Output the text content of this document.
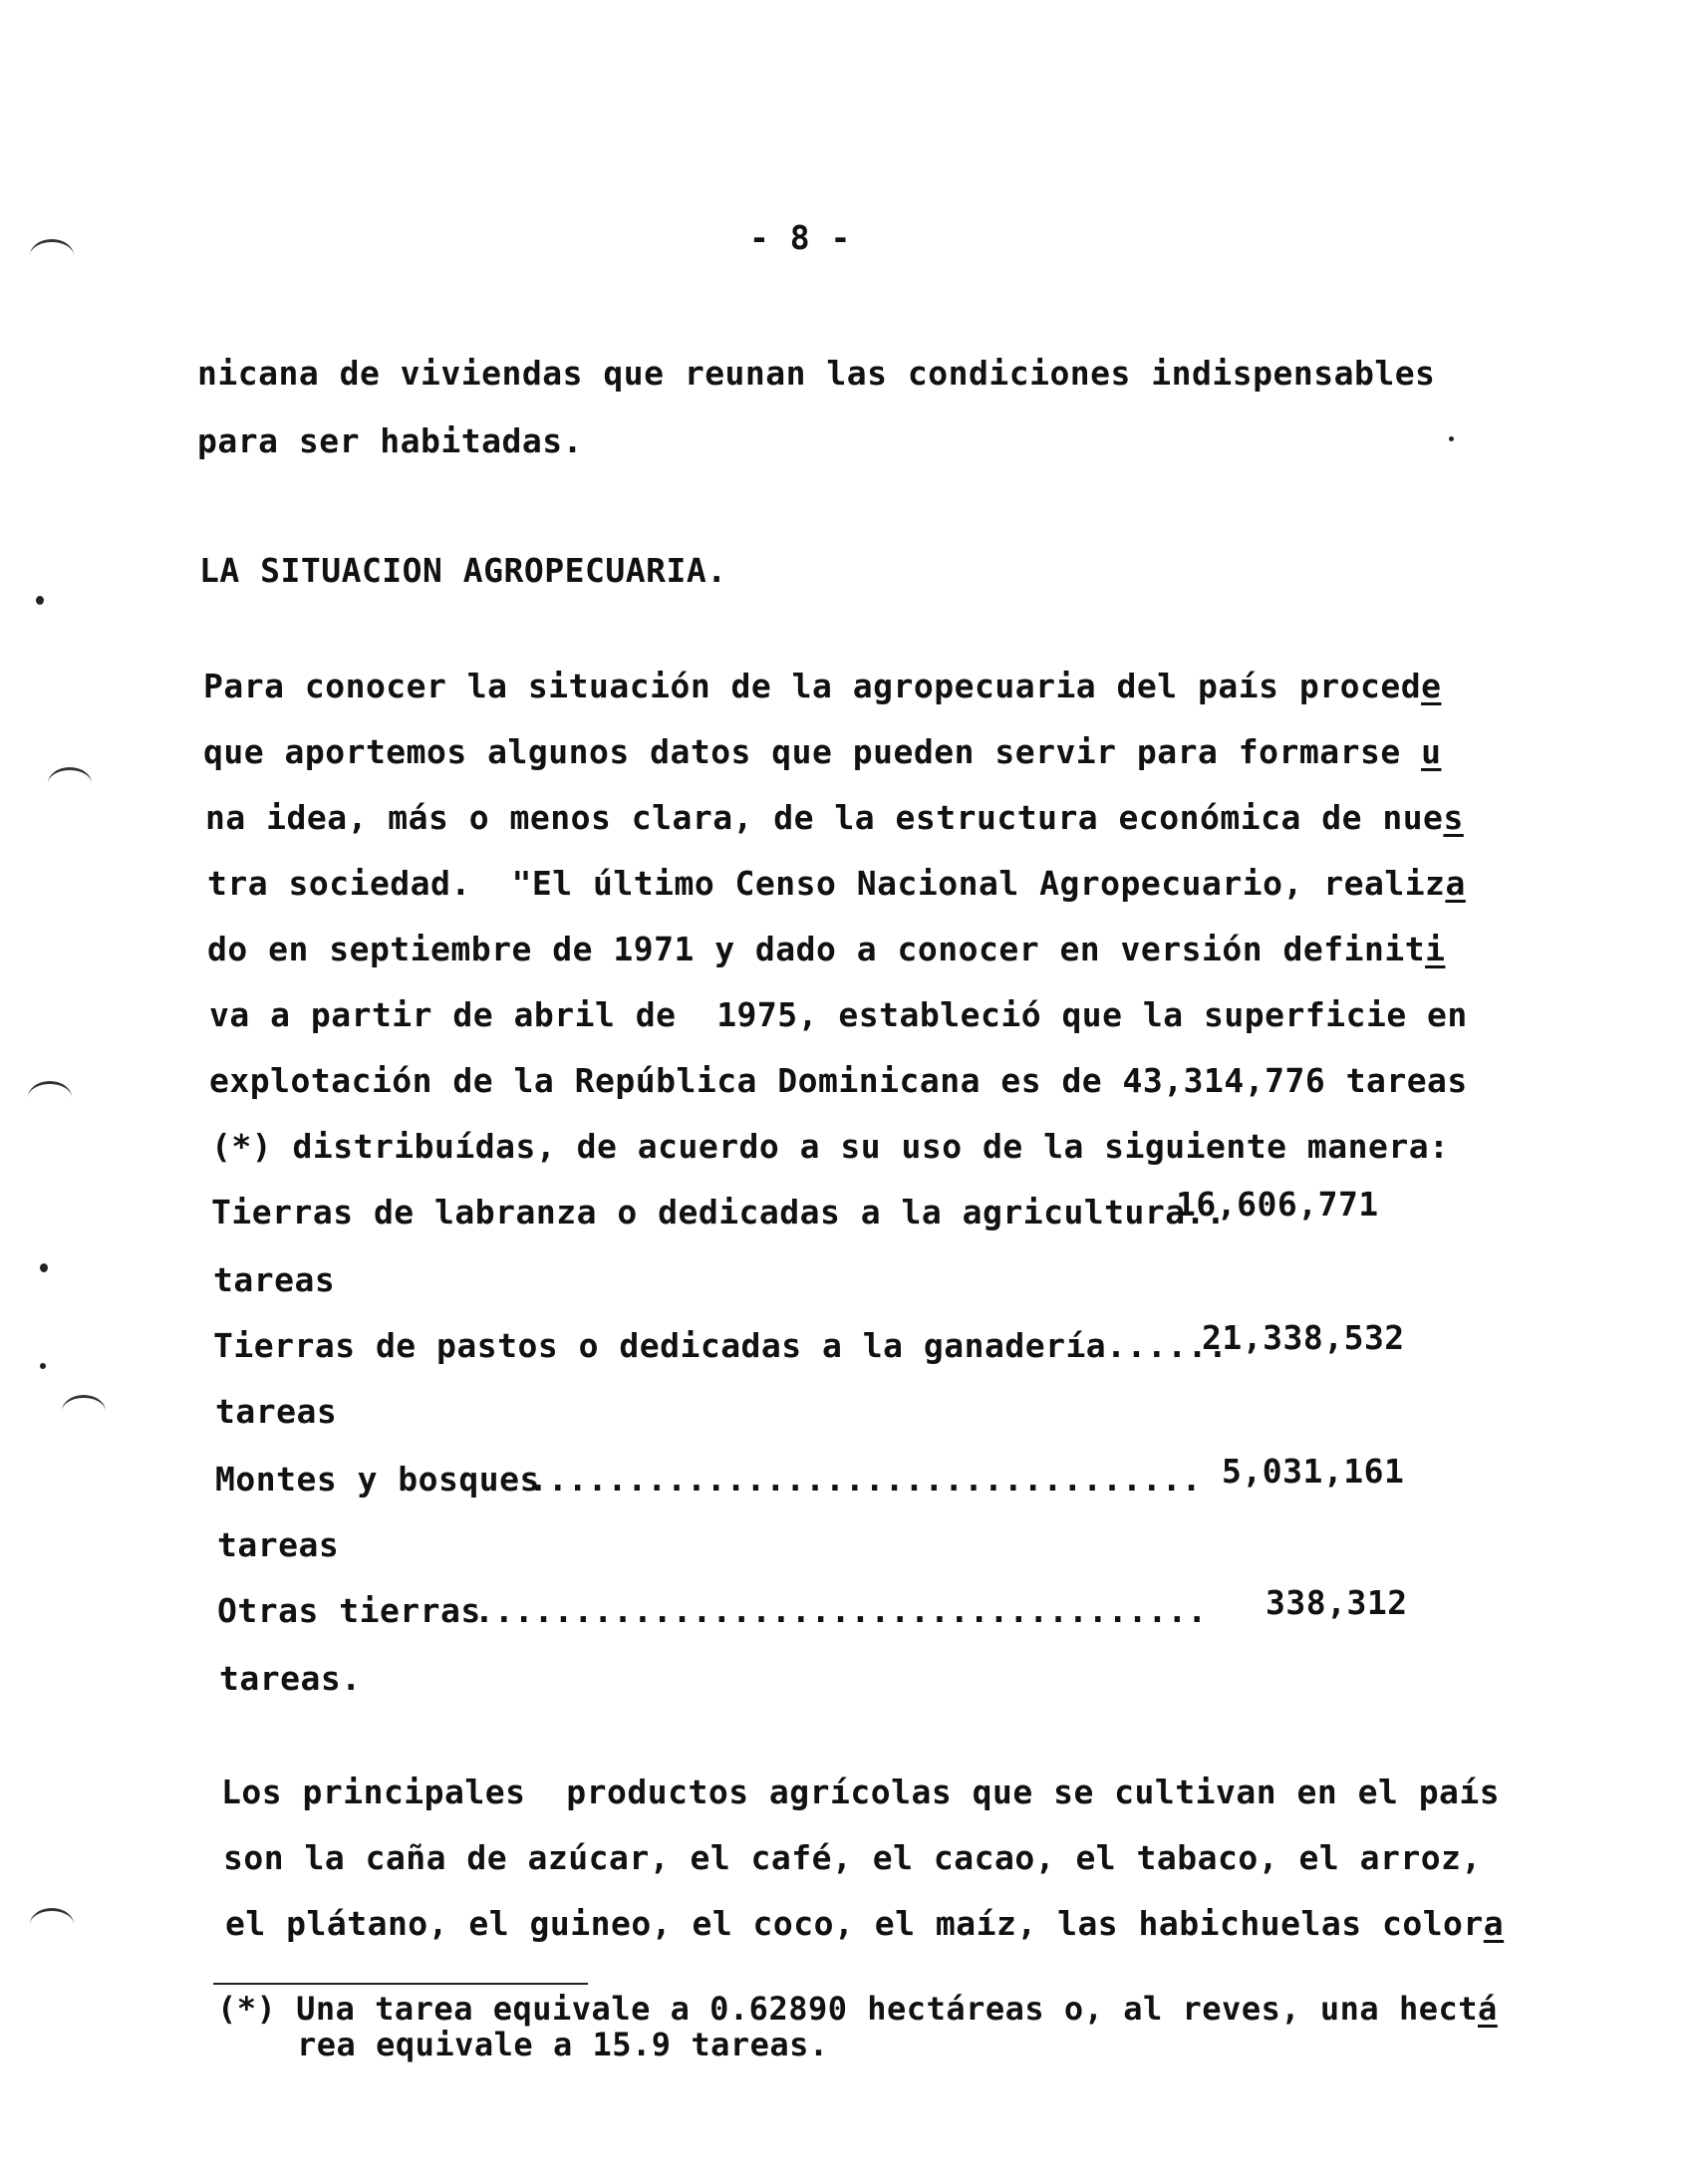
- 8 -
nicana de viviendas que reunan las condiciones indispensables
para ser habitadas.
LA SITUACION AGROPECUARIA.
Para conocer la situación de la agropecuaria del país procede
que aportemos algunos datos que pueden servir para formarse u
na idea, más o menos clara, de la estructura económica de nues
tra sociedad.  "El último Censo Nacional Agropecuario, realiza
do en septiembre de 1971 y dado a conocer en versión definiti
va a partir de abril de  1975, estableció que la superficie en
explotación de la República Dominicana es de 43,314,776 tareas
(*) distribuídas, de acuerdo a su uso de la siguiente manera:
Tierras de labranza o dedicadas a la agricultura..
16,606,771
tareas
Tierras de pastos o dedicadas a la ganadería......
21,338,532
tareas
Montes y bosques .....	5,031,161
tareas
Otras tierras .....	338,312
tareas.
Los principales  productos agrícolas que se cultivan en el país
son la caña de azúcar, el café, el cacao, el tabaco, el arroz,
el plátano, el guineo, el coco, el maíz, las habichuelas colora
(*) Una tarea equivale a 0.62890 hectáreas o, al reves, una hectá
rea equivale a 15.9 tareas.
